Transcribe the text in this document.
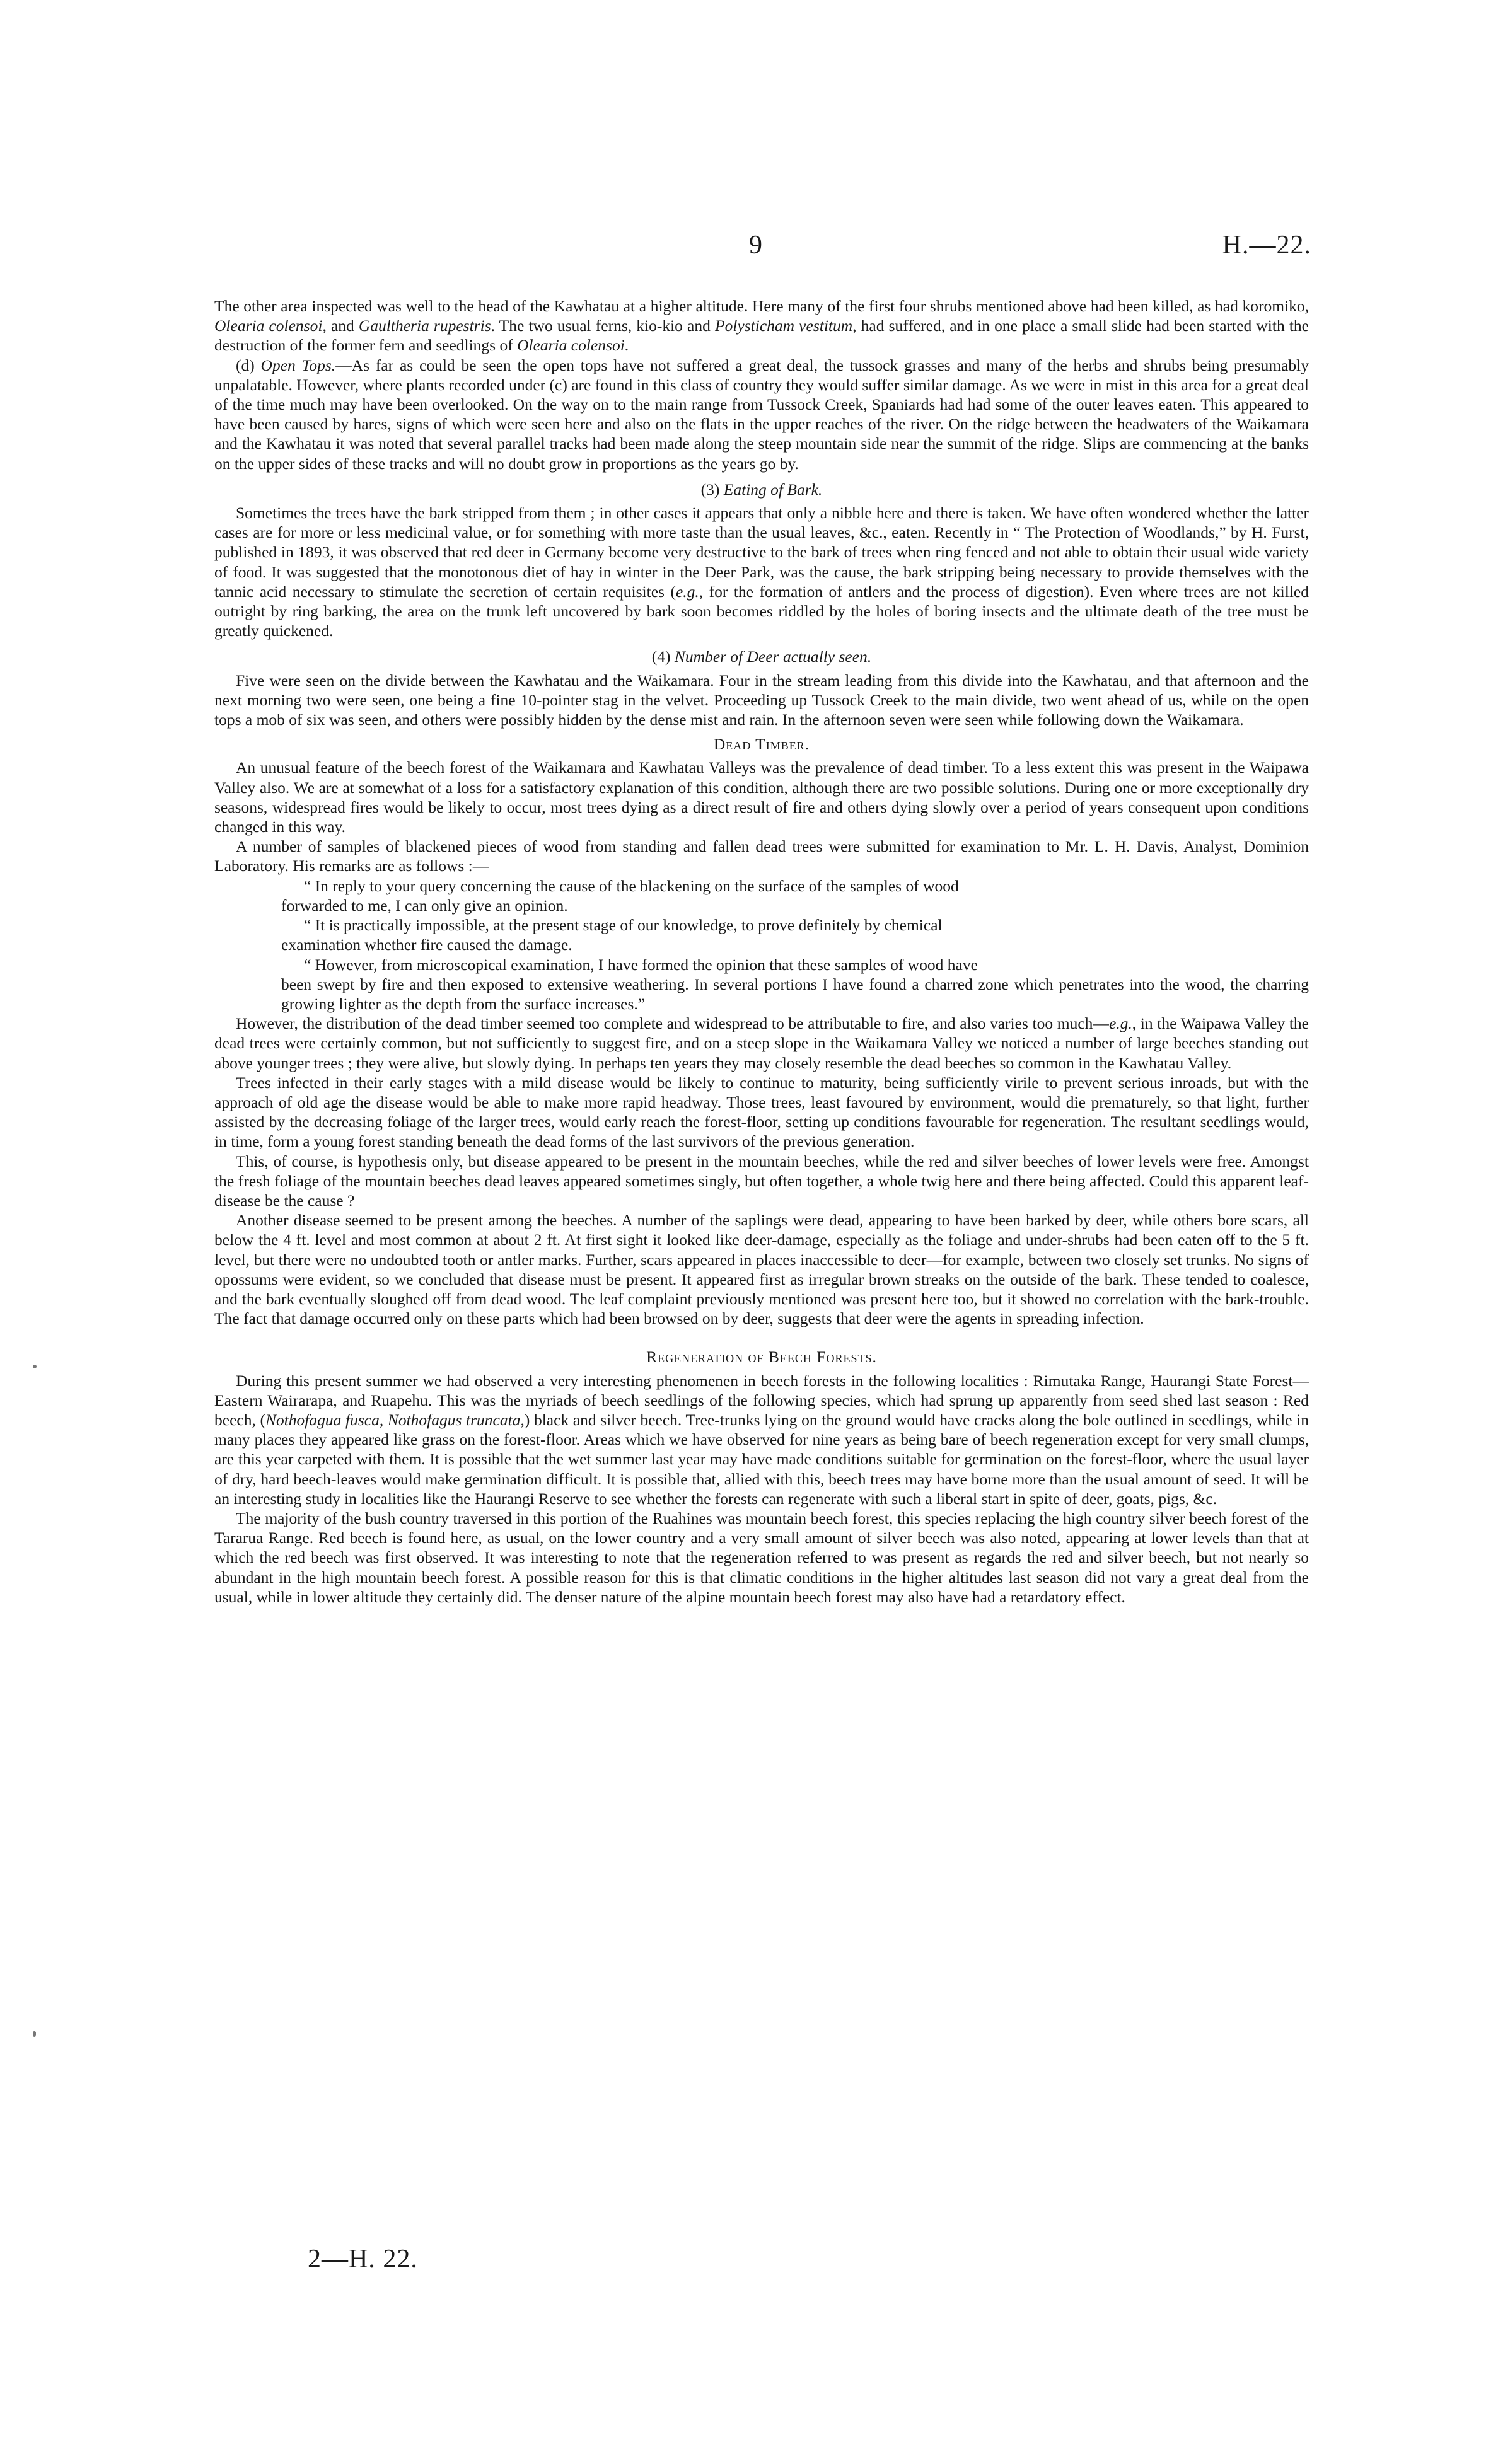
9	H.—22.

The other area inspected was well to the head of the Kawhatau at a higher altitude. Here many of the first four shrubs mentioned above had been killed, as had koromiko, Olearia colensoi, and Gaultheria rupestris. The two usual ferns, kio-kio and Polysticham vestitum, had suffered, and in one place a small slide had been started with the destruction of the former fern and seedlings of Olearia colensoi.

(d) Open Tops.—As far as could be seen the open tops have not suffered a great deal, the tussock grasses and many of the herbs and shrubs being presumably unpalatable. However, where plants recorded under (c) are found in this class of country they would suffer similar damage. As we were in mist in this area for a great deal of the time much may have been overlooked. On the way on to the main range from Tussock Creek, Spaniards had had some of the outer leaves eaten. This appeared to have been caused by hares, signs of which were seen here and also on the flats in the upper reaches of the river. On the ridge between the headwaters of the Waikamara and the Kawhatau it was noted that several parallel tracks had been made along the steep mountain side near the summit of the ridge. Slips are commencing at the banks on the upper sides of these tracks and will no doubt grow in proportions as the years go by.

(3) Eating of Bark.

Sometimes the trees have the bark stripped from them ; in other cases it appears that only a nibble here and there is taken. We have often wondered whether the latter cases are for more or less medicinal value, or for something with more taste than the usual leaves, &c., eaten. Recently in “ The Protection of Woodlands,” by H. Furst, published in 1893, it was observed that red deer in Germany become very destructive to the bark of trees when ring fenced and not able to obtain their usual wide variety of food. It was suggested that the monotonous diet of hay in winter in the Deer Park, was the cause, the bark stripping being necessary to provide themselves with the tannic acid necessary to stimulate the secretion of certain requisites (e.g., for the formation of antlers and the process of digestion). Even where trees are not killed outright by ring barking, the area on the trunk left uncovered by bark soon becomes riddled by the holes of boring insects and the ultimate death of the tree must be greatly quickened.

(4) Number of Deer actually seen.

Five were seen on the divide between the Kawhatau and the Waikamara. Four in the stream leading from this divide into the Kawhatau, and that afternoon and the next morning two were seen, one being a fine 10-pointer stag in the velvet. Proceeding up Tussock Creek to the main divide, two went ahead of us, while on the open tops a mob of six was seen, and others were possibly hidden by the dense mist and rain. In the afternoon seven were seen while following down the Waikamara.

Dead Timber.

An unusual feature of the beech forest of the Waikamara and Kawhatau Valleys was the prevalence of dead timber. To a less extent this was present in the Waipawa Valley also. We are at somewhat of a loss for a satisfactory explanation of this condition, although there are two possible solutions. During one or more exceptionally dry seasons, widespread fires would be likely to occur, most trees dying as a direct result of fire and others dying slowly over a period of years consequent upon conditions changed in this way.

A number of samples of blackened pieces of wood from standing and fallen dead trees were submitted for examination to Mr. L. H. Davis, Analyst, Dominion Laboratory. His remarks are as follows :—

“ In reply to your query concerning the cause of the blackening on the surface of the samples of wood

forwarded to me, I can only give an opinion.

“ It is practically impossible, at the present stage of our knowledge, to prove definitely by chemical

examination whether fire caused the damage.

“ However, from microscopical examination, I have formed the opinion that these samples of wood have

been swept by fire and then exposed to extensive weathering. In several portions I have found a charred zone which penetrates into the wood, the charring growing lighter as the depth from the surface increases.”

However, the distribution of the dead timber seemed too complete and widespread to be attributable to fire, and also varies too much—e.g., in the Waipawa Valley the dead trees were certainly common, but not sufficiently to suggest fire, and on a steep slope in the Waikamara Valley we noticed a number of large beeches standing out above younger trees ; they were alive, but slowly dying. In perhaps ten years they may closely resemble the dead beeches so common in the Kawhatau Valley.

Trees infected in their early stages with a mild disease would be likely to continue to maturity, being sufficiently virile to prevent serious inroads, but with the approach of old age the disease would be able to make more rapid headway. Those trees, least favoured by environment, would die prematurely, so that light, further assisted by the decreasing foliage of the larger trees, would early reach the forest-floor, setting up conditions favourable for regeneration. The resultant seedlings would, in time, form a young forest standing beneath the dead forms of the last survivors of the previous generation.

This, of course, is hypothesis only, but disease appeared to be present in the mountain beeches, while the red and silver beeches of lower levels were free. Amongst the fresh foliage of the mountain beeches dead leaves appeared sometimes singly, but often together, a whole twig here and there being affected. Could this apparent leaf-disease be the cause ?

Another disease seemed to be present among the beeches. A number of the saplings were dead, appearing to have been barked by deer, while others bore scars, all below the 4 ft. level and most common at about 2 ft. At first sight it looked like deer-damage, especially as the foliage and under-shrubs had been eaten off to the 5 ft. level, but there were no undoubted tooth or antler marks. Further, scars appeared in places inaccessible to deer—for example, between two closely set trunks. No signs of opossums were evident, so we concluded that disease must be present. It appeared first as irregular brown streaks on the outside of the bark. These tended to coalesce, and the bark eventually sloughed off from dead wood. The leaf complaint previously mentioned was present here too, but it showed no correlation with the bark-trouble. The fact that damage occurred only on these parts which had been browsed on by deer, suggests that deer were the agents in spreading infection.

Regeneration of Beech Forests.

During this present summer we had observed a very interesting phenomenen in beech forests in the following localities : Rimutaka Range, Haurangi State Forest—Eastern Wairarapa, and Ruapehu. This was the myriads of beech seedlings of the following species, which had sprung up apparently from seed shed last season : Red beech, (Nothofagua fusca, Nothofagus truncata,) black and silver beech. Tree-trunks lying on the ground would have cracks along the bole outlined in seedlings, while in many places they appeared like grass on the forest-floor. Areas which we have observed for nine years as being bare of beech regeneration except for very small clumps, are this year carpeted with them. It is possible that the wet summer last year may have made conditions suitable for germination on the forest-floor, where the usual layer of dry, hard beech-leaves would make germination difficult. It is possible that, allied with this, beech trees may have borne more than the usual amount of seed. It will be an interesting study in localities like the Haurangi Reserve to see whether the forests can regenerate with such a liberal start in spite of deer, goats, pigs, &c.

The majority of the bush country traversed in this portion of the Ruahines was mountain beech forest, this species replacing the high country silver beech forest of the Tararua Range. Red beech is found here, as usual, on the lower country and a very small amount of silver beech was also noted, appearing at lower levels than that at which the red beech was first observed. It was interesting to note that the regeneration referred to was present as regards the red and silver beech, but not nearly so abundant in the high mountain beech forest. A possible reason for this is that climatic conditions in the higher altitudes last season did not vary a great deal from the usual, while in lower altitude they certainly did. The denser nature of the alpine mountain beech forest may also have had a retardatory effect.

2—H. 22.
